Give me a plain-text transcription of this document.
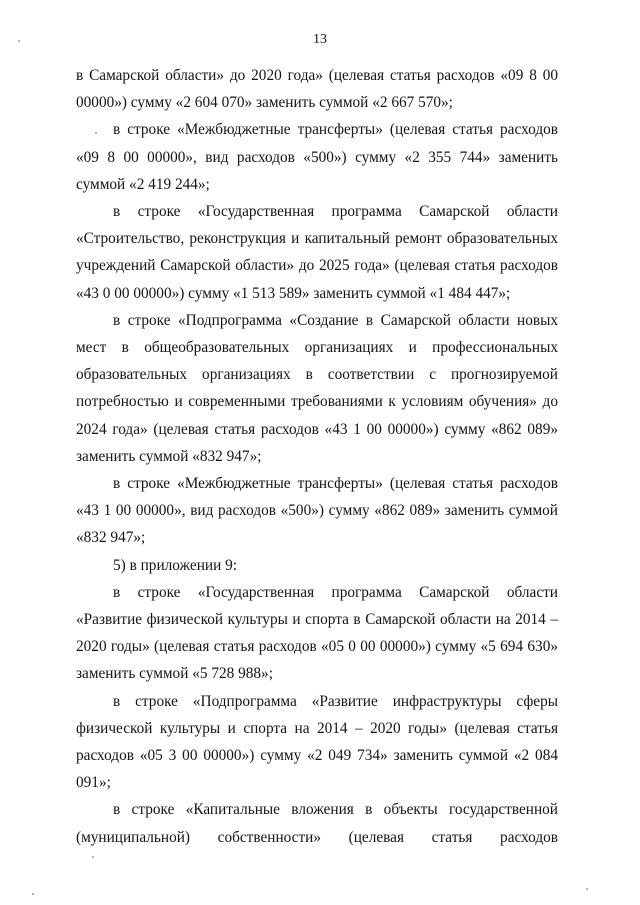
13

в Самарской области» до 2020 года» (целевая статья расходов «09 8 00 00000») сумму «2 604 070» заменить суммой «2 667 570»;

в строке «Межбюджетные трансферты» (целевая статья расходов «09 8 00 00000», вид расходов «500») сумму «2 355 744» заменить суммой «2 419 244»;

в строке «Государственная программа Самарской области «Строительство, реконструкция и капитальный ремонт образовательных учреждений Самарской области» до 2025 года» (целевая статья расходов «43 0 00 00000») сумму «1 513 589» заменить суммой «1 484 447»;

в строке «Подпрограмма «Создание в Самарской области новых мест в общеобразовательных организациях и профессиональных образовательных организациях в соответствии с прогнозируемой потребностью и современными требованиями к условиям обучения» до 2024 года» (целевая статья расходов «43 1 00 00000») сумму «862 089» заменить суммой «832 947»;

в строке «Межбюджетные трансферты» (целевая статья расходов «43 1 00 00000», вид расходов «500») сумму «862 089» заменить суммой «832 947»;

5) в приложении 9:

в строке «Государственная программа Самарской области «Развитие физической культуры и спорта в Самарской области на 2014 – 2020 годы» (целевая статья расходов «05 0 00 00000») сумму «5 694 630» заменить суммой «5 728 988»;

в строке «Подпрограмма «Развитие инфраструктуры сферы физической культуры и спорта на 2014 – 2020 годы» (целевая статья расходов «05 3 00 00000») сумму «2 049 734» заменить суммой «2 084 091»;

в строке «Капитальные вложения в объекты государственной (муниципальной) собственности» (целевая статья расходов
